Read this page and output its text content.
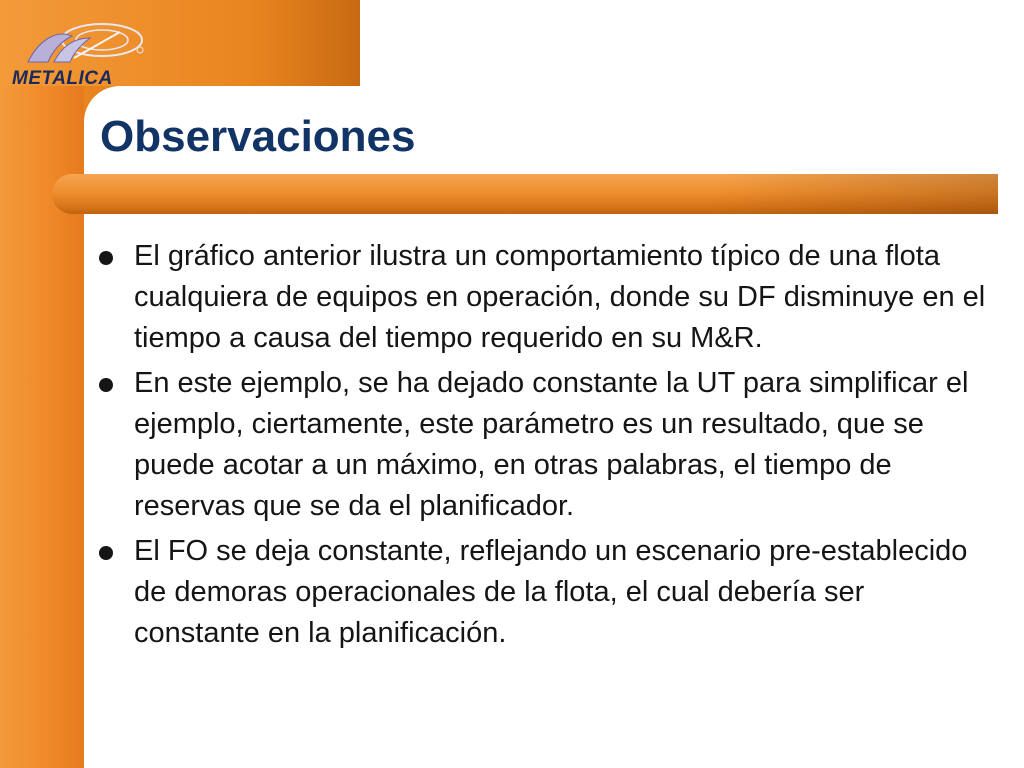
METALICA
Observaciones
El gráfico anterior ilustra un comportamiento típico de una flota cualquiera de equipos en operación, donde su DF disminuye en el tiempo a causa del tiempo requerido en su M&R.
En este ejemplo, se ha dejado constante la UT para simplificar el ejemplo, ciertamente, este parámetro es un resultado, que se puede acotar a un máximo, en otras palabras, el tiempo de reservas que se da el planificador.
El FO se deja constante, reflejando un escenario pre-establecido de demoras operacionales de la flota, el cual debería ser constante en la planificación.
